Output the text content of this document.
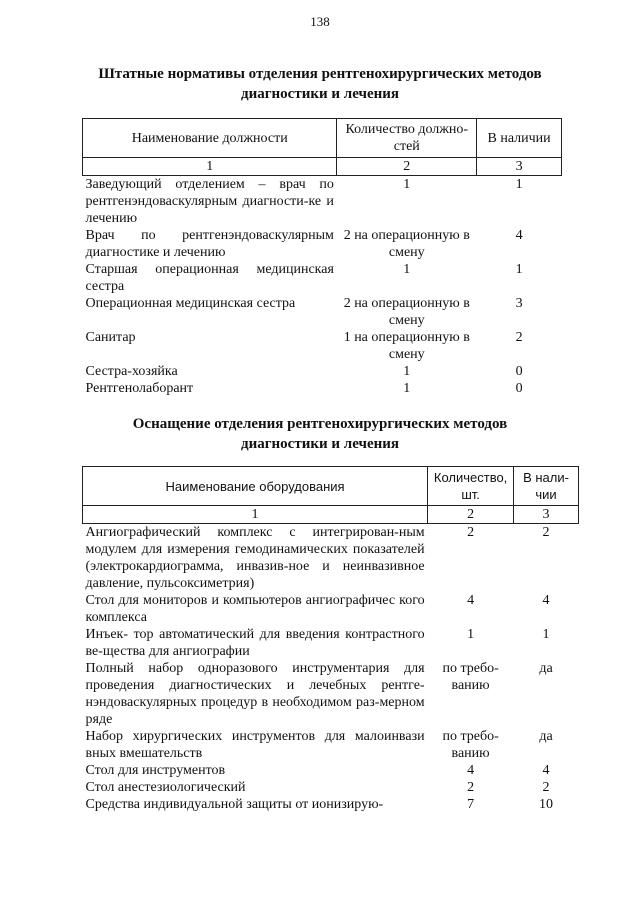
138
Штатные нормативы отделения рентгенохирургических методов
диагностики и лечения
Наименование должности	Количество должно-стей	В наличии
1	2	3
Заведующий отделением – врач по рентгенэндоваскулярным диагности-ке и лечению	1	1
Врач по рентгенэндоваскулярным диагностике и лечению	2 на операционную в смену	4
Старшая операционная медицинская сестра	1	1
Операционная медицинская сестра	2 на операционную в смену	3
Санитар	1 на операционную в смену	2
Сестра-хозяйка	1	0
Рентгенолаборант	1	0
Оснащение отделения рентгенохирургических методов
диагностики и лечения
Наименование оборудования	Количество, шт.	В нали-чии
1	2	3
Ангиографический комплекс с интегрирован-ным модулем для измерения гемодинамических показателей (электрокардиограмма, инвазив-ное и неинвазивное давление, пульсоксиметрия)	2	2
Стол для мониторов и компьютеров ангиографичес кого комплекса	4	4
Инъек- тор автоматический для введения контрастного ве-щества для ангиографии	1	1
Полный набор одноразового инструментария для проведения диагностических и лечебных рентге-нэндоваскулярных процедур в необходимом раз-мерном ряде	по требо-ванию	да
Набор хирургических инструментов для малоинвази вных вмешательств	по требо-ванию	да
Стол для инструментов	4	4
Стол анестезиологический	2	2
Средства индивидуальной защиты от ионизирую-	7	10
